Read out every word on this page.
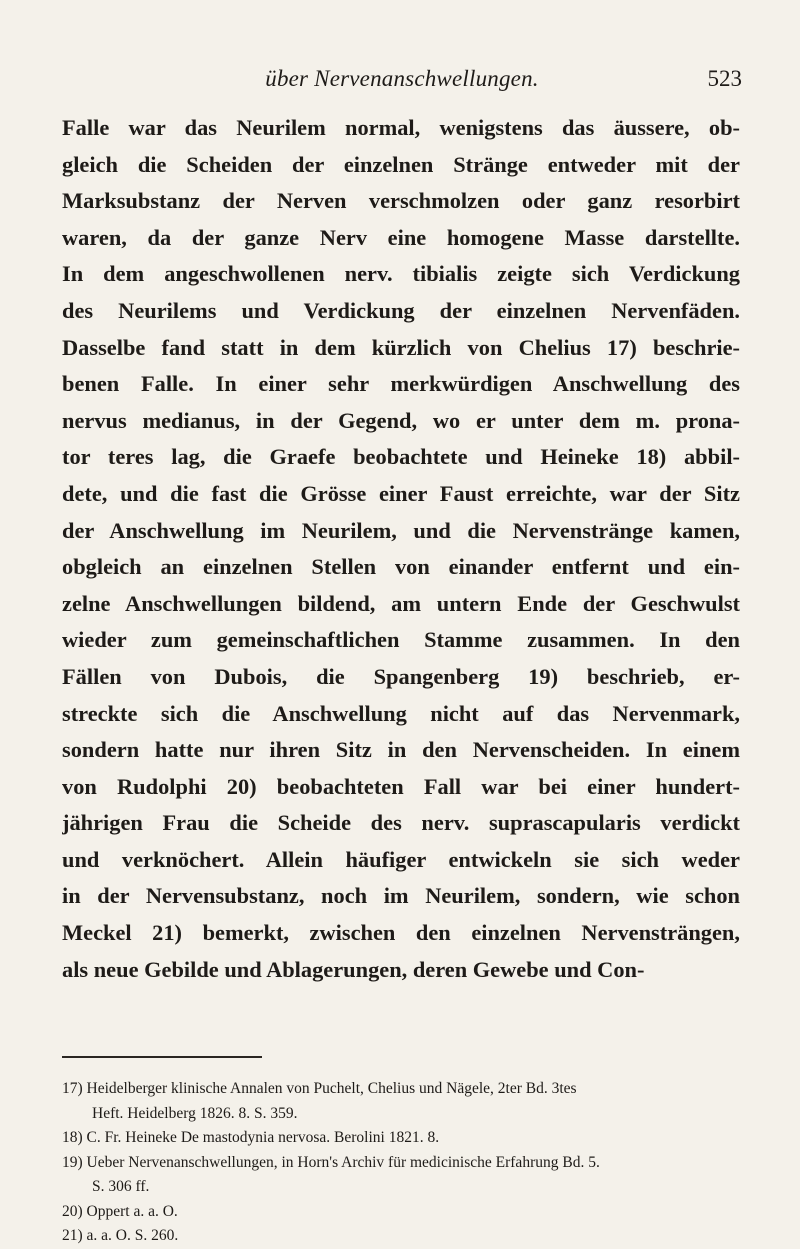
über Nervenanschwellungen.	523
Falle war das Neurilem normal, wenigstens das äussere, ob-
gleich die Scheiden der einzelnen Stränge entweder mit der
Marksubstanz der Nerven verschmolzen oder ganz resorbirt
waren, da der ganze Nerv eine homogene Masse darstellte.
In dem angeschwollenen nerv. tibialis zeigte sich Verdickung
des Neurilems und Verdickung der einzelnen Nervenfäden.
Dasselbe fand statt in dem kürzlich von Chelius 17) beschrie-
benen Falle. In einer sehr merkwürdigen Anschwellung des
nervus medianus, in der Gegend, wo er unter dem m. prona-
tor teres lag, die Graefe beobachtete und Heineke 18) abbil-
dete, und die fast die Grösse einer Faust erreichte, war der Sitz
der Anschwellung im Neurilem, und die Nervenstränge kamen,
obgleich an einzelnen Stellen von einander entfernt und ein-
zelne Anschwellungen bildend, am untern Ende der Geschwulst
wieder zum gemeinschaftlichen Stamme zusammen. In den
Fällen von Dubois, die Spangenberg 19) beschrieb, er-
streckte sich die Anschwellung nicht auf das Nervenmark,
sondern hatte nur ihren Sitz in den Nervenscheiden. In einem
von Rudolphi 20) beobachteten Fall war bei einer hundert-
jährigen Frau die Scheide des nerv. suprascapularis verdickt
und verknöchert. Allein häufiger entwickeln sie sich weder
in der Nervensubstanz, noch im Neurilem, sondern, wie schon
Meckel 21) bemerkt, zwischen den einzelnen Nervensträngen,
als neue Gebilde und Ablagerungen, deren Gewebe und Con-
17) Heidelberger klinische Annalen von Puchelt, Chelius und Nägele, 2ter Bd. 3tes
Heft. Heidelberg 1826. 8. S. 359.
18) C. Fr. Heineke De mastodynia nervosa. Berolini 1821. 8.
19) Ueber Nervenanschwellungen, in Horn's Archiv für medicinische Erfahrung Bd. 5.
S. 306 ff.
20) Oppert a. a. O.
21) a. a. O. S. 260.
